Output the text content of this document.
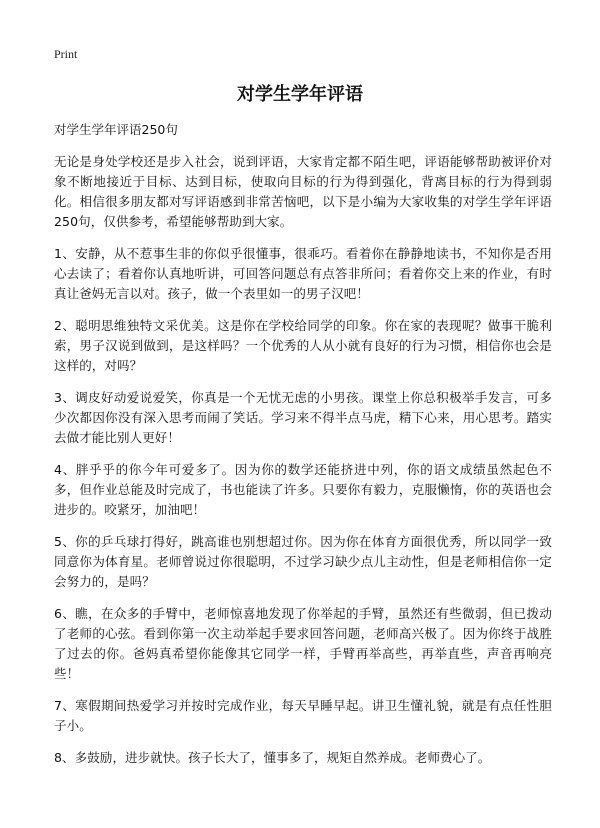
Print
对学生学年评语

对学生学年评语250句

无论是身处学校还是步入社会，说到评语，大家肯定都不陌生吧，评语能够帮助被评价对象不断地接近于目标、达到目标，使取向目标的行为得到强化，背离目标的行为得到弱化。相信很多朋友都对写评语感到非常苦恼吧，以下是小编为大家收集的对学生学年评语250句，仅供参考，希望能够帮助到大家。

1、安静，从不惹事生非的你似乎很懂事，很乖巧。看着你在静静地读书，不知你是否用心去读了；看着你认真地听讲，可回答问题总有点答非所问；看着你交上来的作业，有时真让爸妈无言以对。孩子，做一个表里如一的男子汉吧！

2、聪明思维独特文采优美。这是你在学校给同学的印象。你在家的表现呢？做事干脆利索，男子汉说到做到，是这样吗？一个优秀的人从小就有良好的行为习惯，相信你也会是这样的，对吗？

3、调皮好动爱说爱笑，你真是一个无忧无虑的小男孩。课堂上你总积极举手发言，可多少次都因你没有深入思考而闹了笑话。学习来不得半点马虎，精下心来，用心思考。踏实去做才能比别人更好！

4、胖乎乎的你今年可爱多了。因为你的数学还能挤进中列，你的语文成绩虽然起色不多，但作业总能及时完成了，书也能读了许多。只要你有毅力，克服懒惰，你的英语也会进步的。咬紧牙，加油吧！

5、你的乒乓球打得好，跳高谁也别想超过你。因为你在体育方面很优秀，所以同学一致同意你为体育星。老师曾说过你很聪明，不过学习缺少点儿主动性，但是老师相信你一定会努力的，是吗？

6、瞧，在众多的手臂中，老师惊喜地发现了你举起的手臂，虽然还有些微弱，但已拨动了老师的心弦。看到你第一次主动举起手要求回答问题，老师高兴极了。因为你终于战胜了过去的你。爸妈真希望你能像其它同学一样，手臂再举高些，再举直些，声音再响亮些！

7、寒假期间热爱学习并按时完成作业，每天早睡早起。讲卫生懂礼貌，就是有点任性胆子小。

8、多鼓励，进步就快。孩子长大了，懂事多了，规矩自然养成。老师费心了。
